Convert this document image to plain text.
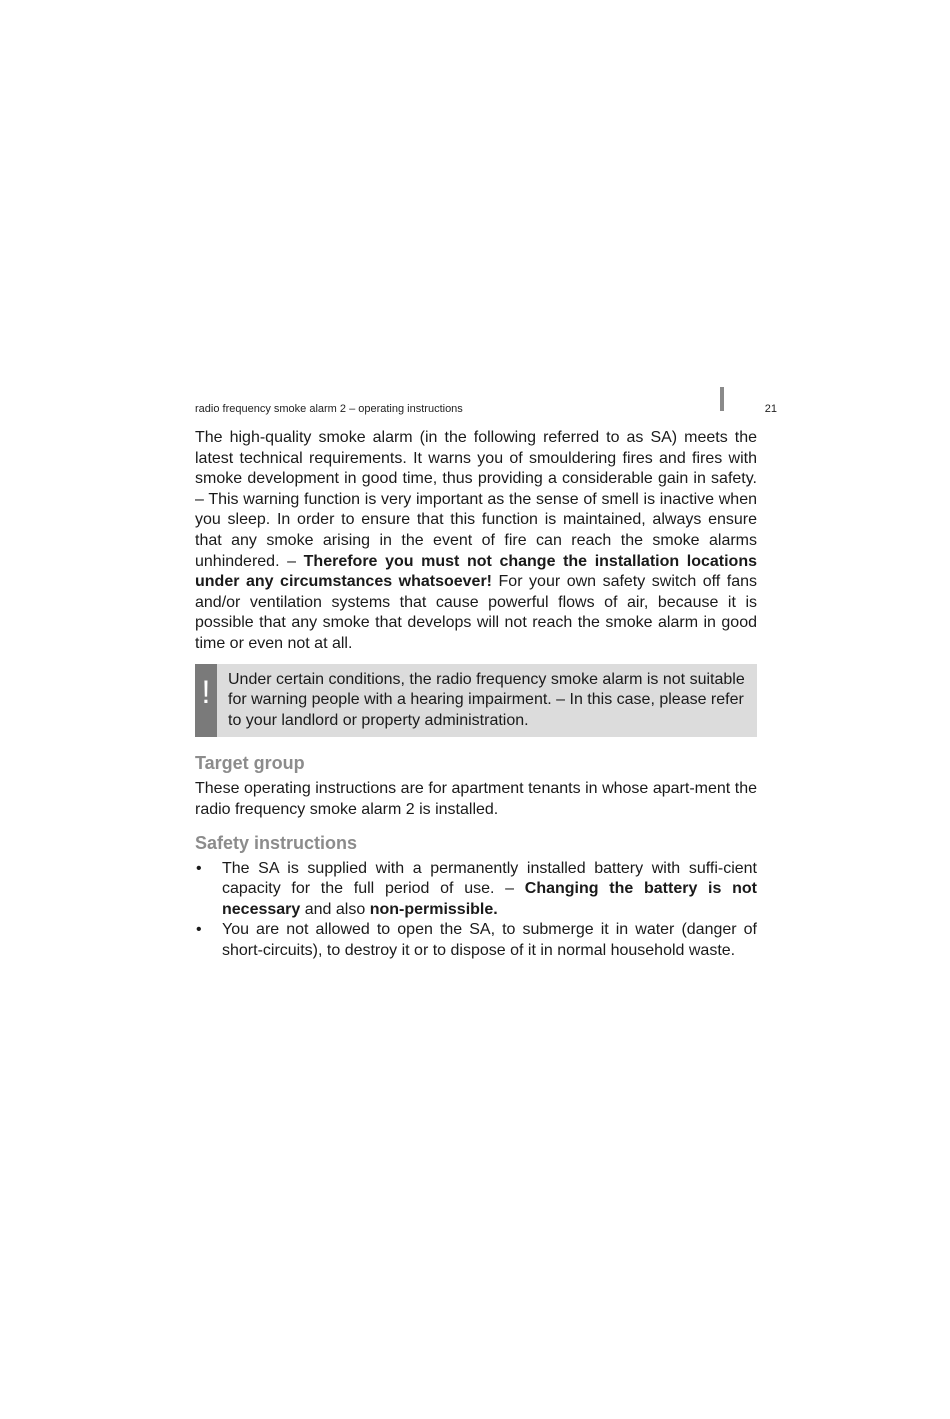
radio frequency smoke alarm 2 – operating instructions	21

The high-quality smoke alarm (in the following referred to as SA) meets the latest technical requirements. It warns you of smouldering fires and fires with smoke development in good time, thus providing a considerable gain in safety. – This warning function is very important as the sense of smell is inactive when you sleep. In order to ensure that this function is maintained, always ensure that any smoke arising in the event of fire can reach the smoke alarms unhindered. – Therefore you must not change the installation locations under any circumstances whatsoever! For your own safety switch off fans and/or ventilation systems that cause powerful flows of air, because it is possible that any smoke that develops will not reach the smoke alarm in good time or even not at all.

!	Under certain conditions, the radio frequency smoke alarm is not suitable for warning people with a hearing impairment. – In this case, please refer to your landlord or property administration.
Target group

These operating instructions are for apartment tenants in whose apart-ment the radio frequency smoke alarm 2 is installed.

Safety instructions
• The SA is supplied with a permanently installed battery with suffi-cient capacity for the full period of use. – Changing the battery is not necessary and also non-permissible.
• You are not allowed to open the SA, to submerge it in water (danger of short-circuits), to destroy it or to dispose of it in normal household waste.
